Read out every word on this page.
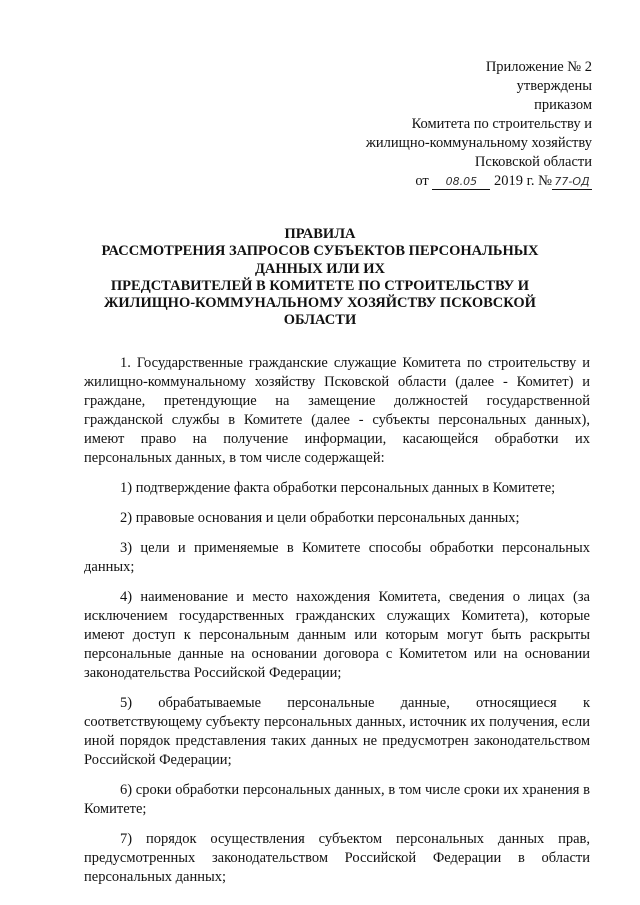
Приложение № 2
утверждены
приказом
Комитета по строительству и
жилищно-коммунальному хозяйству
Псковской области
от 08.05 2019 г. № 77-ОД
ПРАВИЛА
РАССМОТРЕНИЯ ЗАПРОСОВ СУБЪЕКТОВ ПЕРСОНАЛЬНЫХ
ДАННЫХ ИЛИ ИХ
ПРЕДСТАВИТЕЛЕЙ В КОМИТЕТЕ ПО СТРОИТЕЛЬСТВУ И
ЖИЛИЩНО-КОММУНАЛЬНОМУ ХОЗЯЙСТВУ ПСКОВСКОЙ
ОБЛАСТИ

1. Государственные гражданские служащие Комитета по строительству и жилищно-коммунальному хозяйству Псковской области (далее - Комитет) и граждане, претендующие на замещение должностей государственной гражданской службы в Комитете (далее - субъекты персональных данных), имеют право на получение информации, касающейся обработки их персональных данных, в том числе содержащей:

1) подтверждение факта обработки персональных данных в Комитете;

2) правовые основания и цели обработки персональных данных;

3) цели и применяемые в Комитете способы обработки персональных данных;

4) наименование и место нахождения Комитета, сведения о лицах (за исключением государственных гражданских служащих Комитета), которые имеют доступ к персональным данным или которым могут быть раскрыты персональные данные на основании договора с Комитетом или на основании законодательства Российской Федерации;

5) обрабатываемые персональные данные, относящиеся к соответствующему субъекту персональных данных, источник их получения, если иной порядок представления таких данных не предусмотрен законодательством Российской Федерации;

6) сроки обработки персональных данных, в том числе сроки их хранения в Комитете;

7) порядок осуществления субъектом персональных данных прав, предусмотренных законодательством Российской Федерации в области персональных данных;
